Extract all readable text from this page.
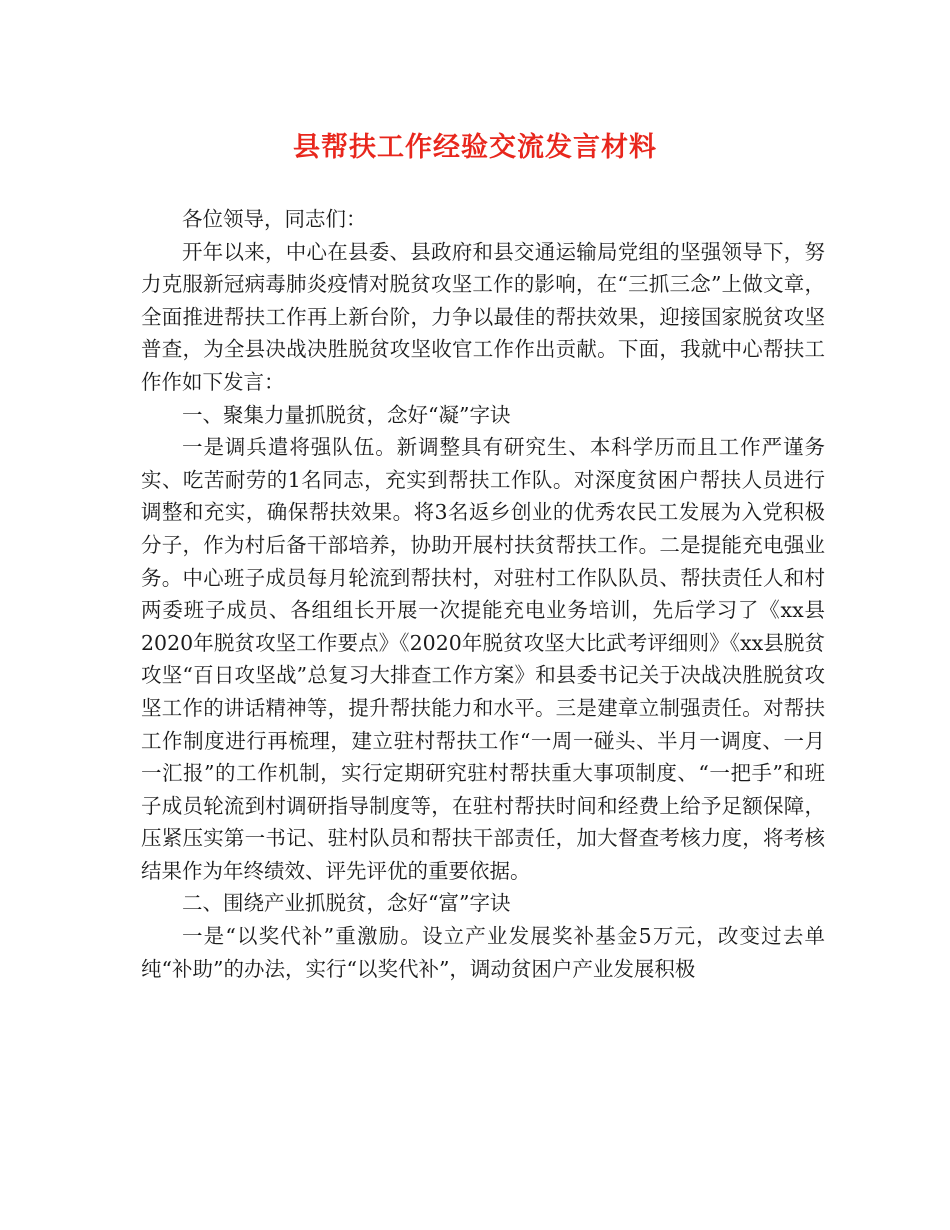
县帮扶工作经验交流发言材料

各位领导，同志们：

开年以来，中心在县委、县政府和县交通运输局党组的坚强领导下，努力克服新冠病毒肺炎疫情对脱贫攻坚工作的影响，在“三抓三念”上做文章，全面推进帮扶工作再上新台阶，力争以最佳的帮扶效果，迎接国家脱贫攻坚普查，为全县决战决胜脱贫攻坚收官工作作出贡献。下面，我就中心帮扶工作作如下发言：

一、聚集力量抓脱贫，念好“凝”字诀

一是调兵遣将强队伍。新调整具有研究生、本科学历而且工作严谨务实、吃苦耐劳的1名同志，充实到帮扶工作队。对深度贫困户帮扶人员进行调整和充实，确保帮扶效果。将3名返乡创业的优秀农民工发展为入党积极分子，作为村后备干部培养，协助开展村扶贫帮扶工作。二是提能充电强业务。中心班子成员每月轮流到帮扶村，对驻村工作队队员、帮扶责任人和村两委班子成员、各组组长开展一次提能充电业务培训，先后学习了《xx县2020年脱贫攻坚工作要点》《2020年脱贫攻坚大比武考评细则》《xx县脱贫攻坚“百日攻坚战”总复习大排查工作方案》和县委书记关于决战决胜脱贫攻坚工作的讲话精神等，提升帮扶能力和水平。三是建章立制强责任。对帮扶工作制度进行再梳理，建立驻村帮扶工作“一周一碰头、半月一调度、一月一汇报”的工作机制，实行定期研究驻村帮扶重大事项制度、“一把手”和班子成员轮流到村调研指导制度等，在驻村帮扶时间和经费上给予足额保障，压紧压实第一书记、驻村队员和帮扶干部责任，加大督查考核力度，将考核结果作为年终绩效、评先评优的重要依据。

二、围绕产业抓脱贫，念好“富”字诀

一是“以奖代补”重激励。设立产业发展奖补基金5万元，改变过去单纯“补助”的办法，实行“以奖代补”，调动贫困户产业发展积极
